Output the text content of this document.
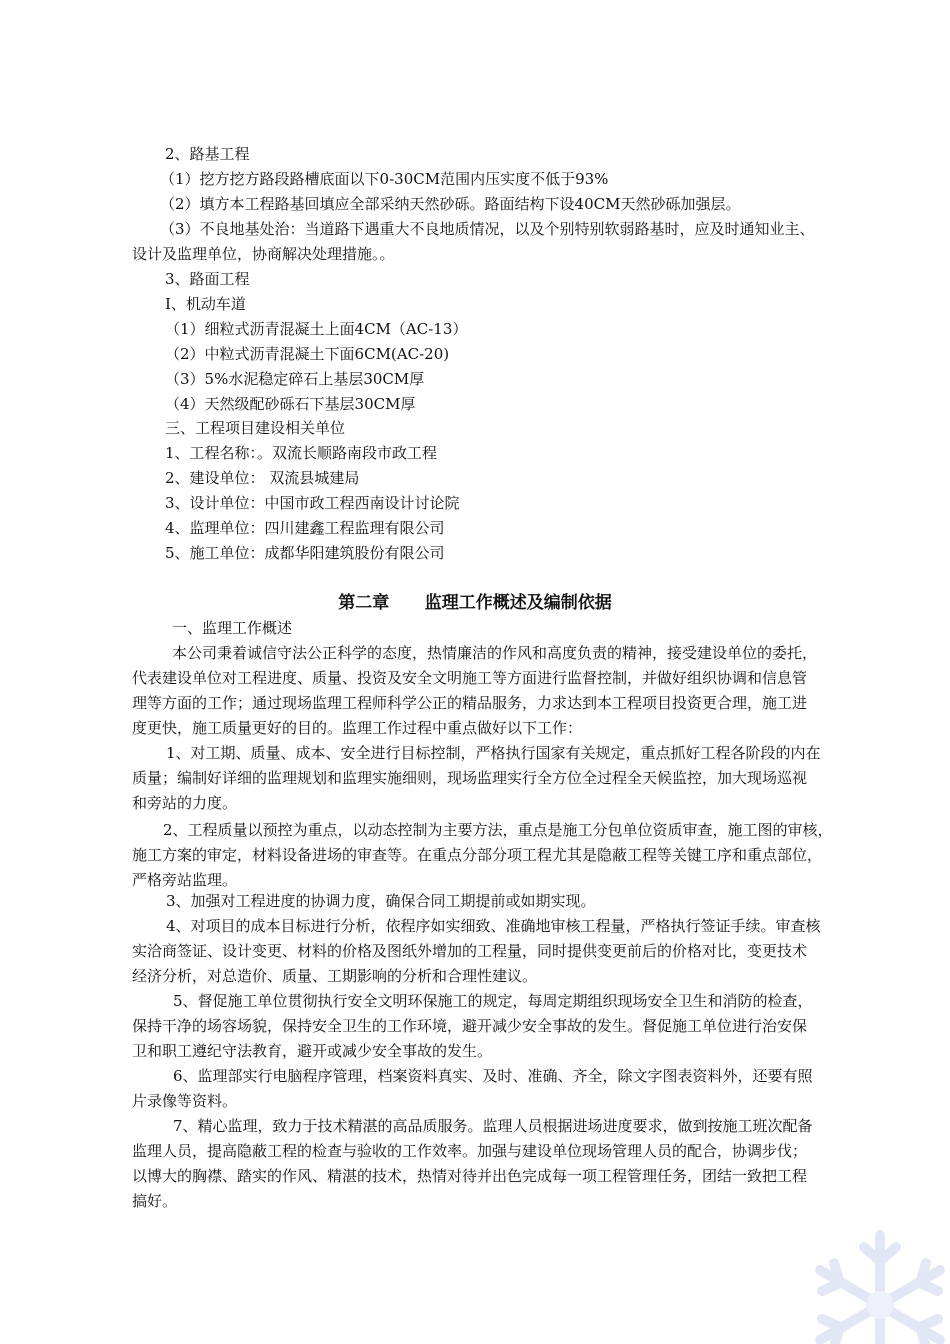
2、路基工程
（1）挖方挖方路段路槽底面以下0-30CM范围内压实度不低于93%
（2）填方本工程路基回填应全部采纳天然砂砾。路面结构下设40CM天然砂砾加强层。
（3）不良地基处治：当道路下遇重大不良地质情况，以及个别特别软弱路基时，应及时通知业主、
设计及监理单位，协商解决处理措施。。
3、路面工程
Ⅰ、机动车道
（1）细粒式沥青混凝土上面4CM（AC-13）
（2）中粒式沥青混凝土下面6CM(AC-20)
（3）5%水泥稳定碎石上基层30CM厚
（4）天然级配砂砾石下基层30CM厚
三、工程项目建设相关单位
1、工程名称：。双流长顺路南段市政工程
2、建设单位： 双流县城建局
3、设计单位：中国市政工程西南设计讨论院
4、监理单位：四川建鑫工程监理有限公司
5、施工单位：成都华阳建筑股份有限公司
第二章      监理工作概述及编制依据
一、监理工作概述
本公司秉着诚信守法公正科学的态度，热情廉洁的作风和高度负责的精神，接受建设单位的委托，
代表建设单位对工程进度、质量、投资及安全文明施工等方面进行监督控制，并做好组织协调和信息管
理等方面的工作；通过现场监理工程师科学公正的精品服务，力求达到本工程项目投资更合理，施工进
度更快，施工质量更好的目的。监理工作过程中重点做好以下工作：
1、对工期、质量、成本、安全进行目标控制，严格执行国家有关规定，重点抓好工程各阶段的内在
质量；编制好详细的监理规划和监理实施细则，现场监理实行全方位全过程全天候监控，加大现场巡视
和旁站的力度。
2、工程质量以预控为重点，以动态控制为主要方法，重点是施工分包单位资质审查，施工图的审核，
施工方案的审定，材料设备进场的审查等。在重点分部分项工程尤其是隐蔽工程等关键工序和重点部位，
严格旁站监理。
3、加强对工程进度的协调力度，确保合同工期提前或如期实现。
4、对项目的成本目标进行分析，依程序如实细致、准确地审核工程量，严格执行签证手续。审查核
实洽商签证、设计变更、材料的价格及图纸外增加的工程量，同时提供变更前后的价格对比，变更技术
经济分析，对总造价、质量、工期影响的分析和合理性建议。
5、督促施工单位贯彻执行安全文明环保施工的规定，每周定期组织现场安全卫生和消防的检查，
保持干净的场容场貌，保持安全卫生的工作环境，避开减少安全事故的发生。督促施工单位进行治安保
卫和职工遵纪守法教育，避开或减少安全事故的发生。
6、监理部实行电脑程序管理，档案资料真实、及时、准确、齐全，除文字图表资料外，还要有照
片录像等资料。
7、精心监理，致力于技术精湛的高品质服务。监理人员根据进场进度要求，做到按施工班次配备
监理人员，提高隐蔽工程的检查与验收的工作效率。加强与建设单位现场管理人员的配合，协调步伐；
以博大的胸襟、踏实的作风、精湛的技术，热情对待并出色完成每一项工程管理任务，团结一致把工程
搞好。
